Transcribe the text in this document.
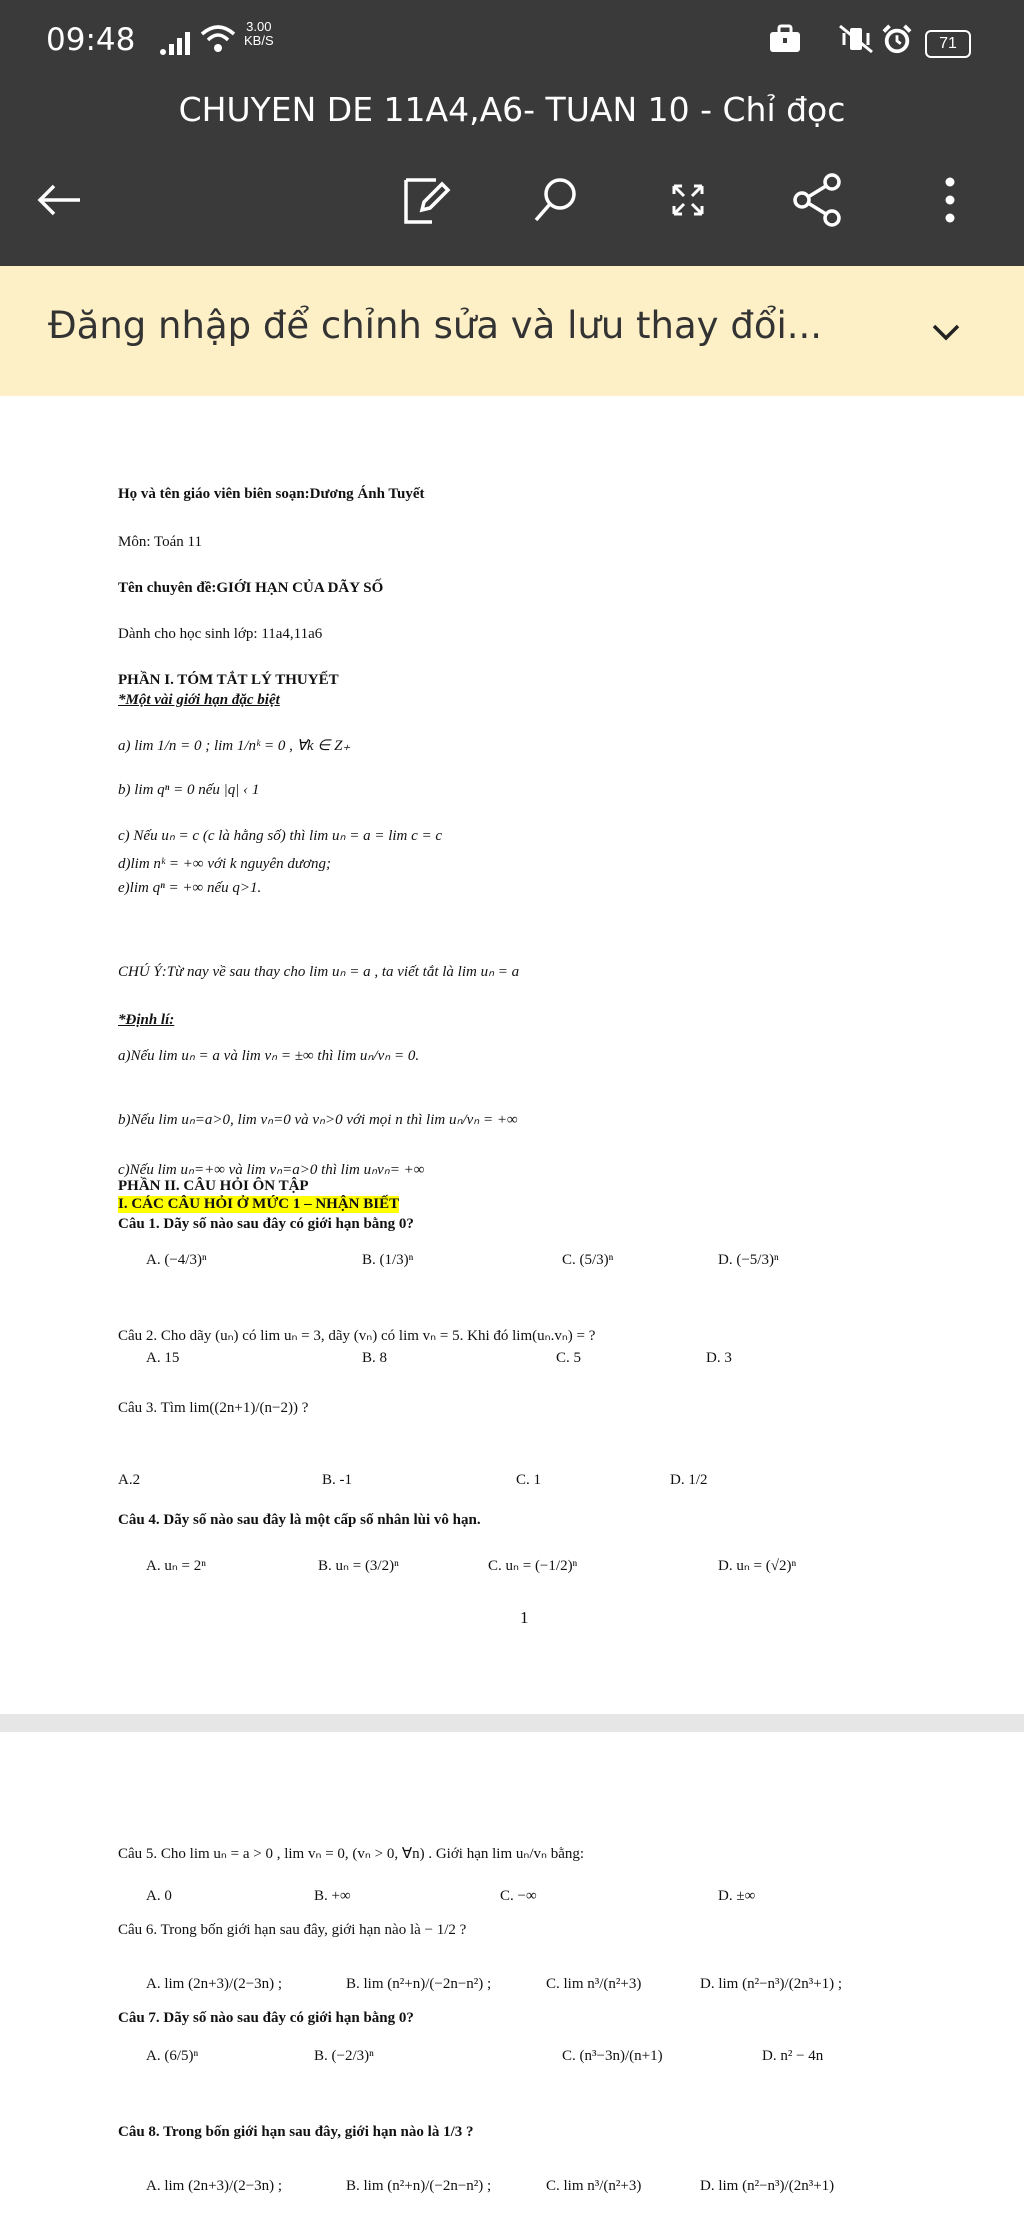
09:48	3.00
KB/S	71
CHUYEN DE 11A4,A6- TUAN 10 - Chỉ đọc
Đăng nhập để chỉnh sửa và lưu thay đổi...
Họ và tên giáo viên biên soạn:Dương Ánh Tuyết
Môn: Toán 11
Tên chuyên đề:GIỚI HẠN CỦA DÃY SỐ
Dành cho học sinh lớp: 11a4,11a6
PHẦN I. TÓM TẮT LÝ THUYẾT
*Một vài giới hạn đặc biệt
a) lim 1/n = 0 ; lim 1/nᵏ = 0 , ∀k ∈ Z₊
b) lim qⁿ = 0 nếu |q| ‹ 1
c) Nếu uₙ = c (c là hằng số) thì lim uₙ = a = lim c = c
d)lim nᵏ = +∞ với k nguyên dương;
e)lim qⁿ = +∞ nếu q>1.
CHÚ Ý:Từ nay về sau thay cho lim uₙ = a , ta viết tắt là lim uₙ = a
*Định lí:
a)Nếu lim uₙ = a và lim vₙ = ±∞ thì lim uₙ/vₙ = 0.
b)Nếu lim uₙ=a>0, lim vₙ=0 và vₙ>0 với mọi n thì lim uₙ/vₙ = +∞
c)Nếu lim uₙ=+∞ và lim vₙ=a>0 thì lim uₙvₙ= +∞
PHẦN II. CÂU HỎI ÔN TẬP
I. CÁC CÂU HỎI Ở MỨC 1 – NHẬN BIẾT
Câu 1. Dãy số nào sau đây có giới hạn bằng 0?
A. (−4/3)ⁿ	B. (1/3)ⁿ	C. (5/3)ⁿ	D. (−5/3)ⁿ
Câu 2. Cho dãy (uₙ) có lim uₙ = 3, dãy (vₙ) có lim vₙ = 5. Khi đó lim(uₙ.vₙ) = ?
A. 15	B. 8	C. 5	D. 3
Câu 3. Tìm lim((2n+1)/(n−2)) ?
A.2	B. -1	C. 1	D. 1/2
Câu 4. Dãy số nào sau đây là một cấp số nhân lùi vô hạn.
A. uₙ = 2ⁿ	B. uₙ = (3/2)ⁿ	C. uₙ = (−1/2)ⁿ	D. uₙ = (√2)ⁿ
1
Câu 5. Cho lim uₙ = a > 0 , lim vₙ = 0, (vₙ > 0, ∀n) . Giới hạn lim uₙ/vₙ bằng:
A. 0	B. +∞	C. −∞	D. ±∞
Câu 6. Trong bốn giới hạn sau đây, giới hạn nào là − 1/2 ?
A. lim (2n+3)/(2−3n) ;	B. lim (n²+n)/(−2n−n²) ;	C. lim n³/(n²+3)	D. lim (n²−n³)/(2n³+1) ;
Câu 7. Dãy số nào sau đây có giới hạn bằng 0?
A. (6/5)ⁿ	B. (−2/3)ⁿ	C. (n³−3n)/(n+1)	D. n² − 4n
Câu 8. Trong bốn giới hạn sau đây, giới hạn nào là 1/3 ?
A. lim (2n+3)/(2−3n) ;	B. lim (n²+n)/(−2n−n²) ;	C. lim n³/(n²+3)	D. lim (n²−n³)/(2n³+1)
